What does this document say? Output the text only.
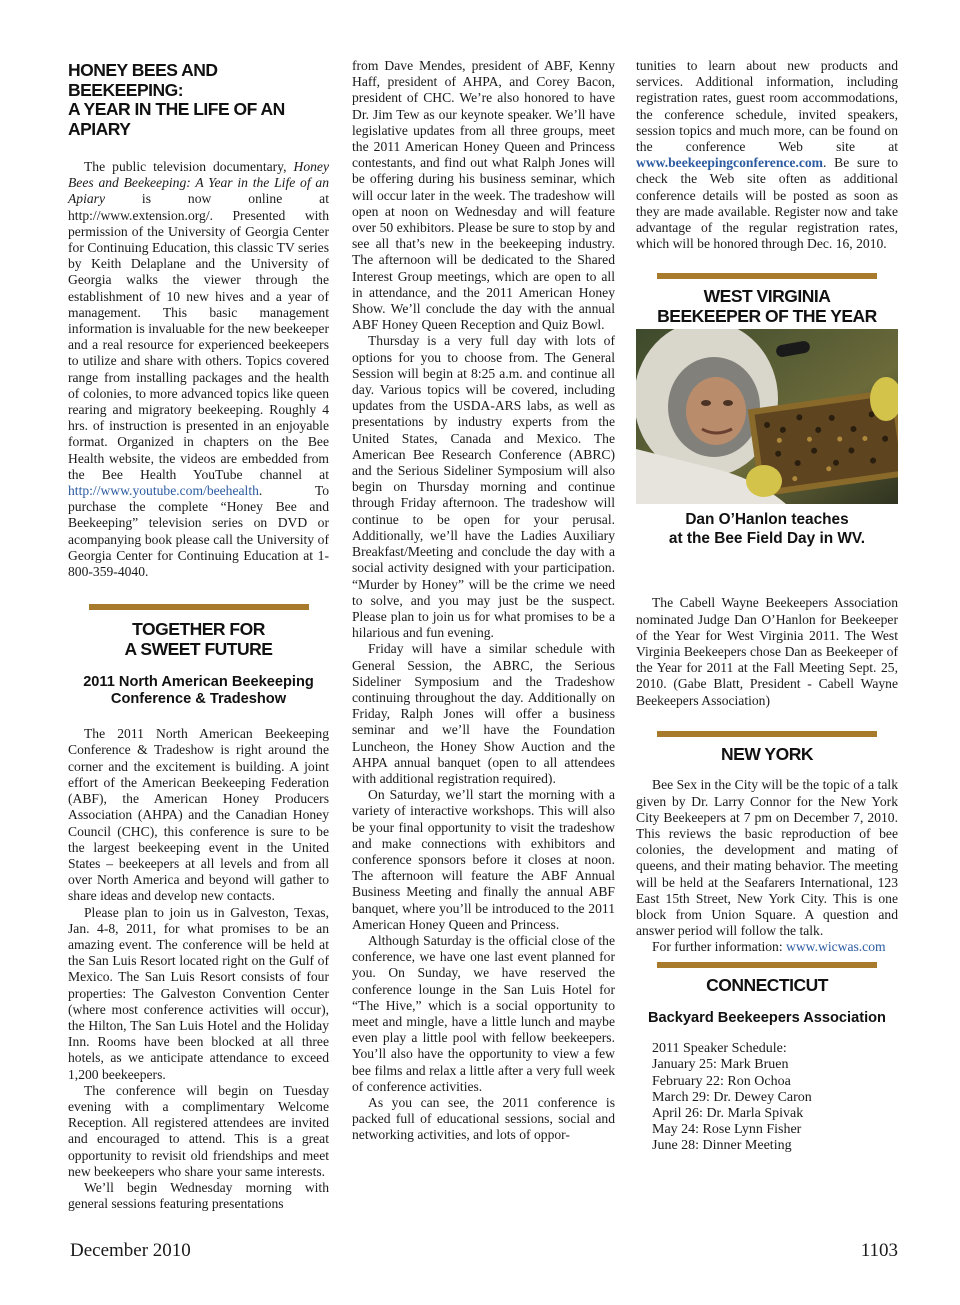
HONEY BEES AND BEEKEEPING:
A YEAR IN THE LIFE OF AN APIARY

The public television documentary, Honey Bees and Beekeeping: A Year in the Life of an Apiary is now online at http://www.extension.org/. Presented with permission of the University of Georgia Center for Continuing Education, this classic TV series by Keith Delaplane and the University of Georgia walks the viewer through the establishment of 10 new hives and a year of management. This basic management information is invaluable for the new beekeeper and a real resource for experienced beekeepers to utilize and share with others. Topics covered range from installing packages and the health of colonies, to more advanced topics like queen rearing and migratory beekeeping. Roughly 4 hrs. of instruction is presented in an enjoyable format. Organized in chapters on the Bee Health website, the videos are embedded from the Bee Health YouTube channel at http://www.youtube.com/beehealth. To purchase the complete “Honey Bee and Beekeeping” television series on DVD or acompanying book please call the University of Georgia Center for Continuing Education at 1-800-359-4040.

TOGETHER FOR
A SWEET FUTURE
2011 North American Beekeeping
Conference & Tradeshow

The 2011 North American Beekeeping Conference & Tradeshow is right around the corner and the excitement is building. A joint effort of the American Beekeeping Federation (ABF), the American Honey Producers Association (AHPA) and the Canadian Honey Council (CHC), this conference is sure to be the largest beekeeping event in the United States – beekeepers at all levels and from all over North America and beyond will gather to share ideas and develop new contacts.

Please plan to join us in Galveston, Texas, Jan. 4-8, 2011, for what promises to be an amazing event. The conference will be held at the San Luis Resort located right on the Gulf of Mexico. The San Luis Resort consists of four properties: The Galveston Convention Center (where most conference activities will occur), the Hilton, The San Luis Hotel and the Holiday Inn. Rooms have been blocked at all three hotels, as we anticipate attendance to exceed 1,200 beekeepers.

The conference will begin on Tuesday evening with a complimentary Welcome Reception. All registered attendees are invited and encouraged to attend. This is a great opportunity to revisit old friendships and meet new beekeepers who share your same interests.

We’ll begin Wednesday morning with general sessions featuring presentations

from Dave Mendes, president of ABF, Kenny Haff, president of AHPA, and Corey Bacon, president of CHC. We’re also honored to have Dr. Jim Tew as our keynote speaker. We’ll have legislative updates from all three groups, meet the 2011 American Honey Queen and Princess contestants, and find out what Ralph Jones will be offering during his business seminar, which will occur later in the week. The tradeshow will open at noon on Wednesday and will feature over 50 exhibitors. Please be sure to stop by and see all that’s new in the beekeeping industry. The afternoon will be dedicated to the Shared Interest Group meetings, which are open to all in attendance, and the 2011 American Honey Show. We’ll conclude the day with the annual ABF Honey Queen Reception and Quiz Bowl.

Thursday is a very full day with lots of options for you to choose from. The General Session will begin at 8:25 a.m. and continue all day. Various topics will be covered, including updates from the USDA-ARS labs, as well as presentations by industry experts from the United States, Canada and Mexico. The American Bee Research Conference (ABRC) and the Serious Sideliner Symposium will also begin on Thursday morning and continue through Friday afternoon. The tradeshow will continue to be open for your perusal. Additionally, we’ll have the Ladies Auxiliary Breakfast/Meeting and conclude the day with a social activity designed with your participation. “Murder by Honey” will be the crime we need to solve, and you may just be the suspect. Please plan to join us for what promises to be a hilarious and fun evening.

Friday will have a similar schedule with General Session, the ABRC, the Serious Sideliner Symposium and the Tradeshow continuing throughout the day. Additionally on Friday, Ralph Jones will offer a business seminar and we’ll have the Foundation Luncheon, the Honey Show Auction and the AHPA annual banquet (open to all attendees with additional registration required).

On Saturday, we’ll start the morning with a variety of interactive workshops. This will also be your final opportunity to visit the tradeshow and make connections with exhibitors and conference sponsors before it closes at noon. The afternoon will feature the ABF Annual Business Meeting and finally the annual ABF banquet, where you’ll be introduced to the 2011 American Honey Queen and Princess.

Although Saturday is the official close of the conference, we have one last event planned for you. On Sunday, we have reserved the conference lounge in the San Luis Hotel for “The Hive,” which is a social opportunity to meet and mingle, have a little lunch and maybe even play a little pool with fellow beekeepers. You’ll also have the opportunity to view a few bee films and relax a little after a very full week of conference activities.

As you can see, the 2011 conference is packed full of educational sessions, social and networking activities, and lots of oppor-

tunities to learn about new products and services. Additional information, including registration rates, guest room accommodations, the conference schedule, invited speakers, session topics and much more, can be found on the conference Web site at www.beekeepingconference.com. Be sure to check the Web site often as additional conference details will be posted as soon as they are made available. Register now and take advantage of the regular registration rates, which will be honored through Dec. 16, 2010.

WEST VIRGINIA
BEEKEEPER OF THE YEAR

Dan O’Hanlon teaches
at the Bee Field Day in WV.

The Cabell Wayne Beekeepers Association nominated Judge Dan O’Hanlon for Beekeeper of the Year for West Virginia 2011. The West Virginia Beekeepers chose Dan as Beekeeper of the Year for 2011 at the Fall Meeting Sept. 25, 2010. (Gabe Blatt, President - Cabell Wayne Beekeepers Association)

NEW YORK

Bee Sex in the City will be the topic of a talk given by Dr. Larry Connor for the New York City Beekeepers at 7 pm on December 7, 2010. This reviews the basic reproduction of bee colonies, the development and mating of queens, and their mating behavior. The meeting will be held at the Seafarers International, 123 East 15th Street, New York City. This is one block from Union Square. A question and answer period will follow the talk.

For further information: www.wicwas.com

CONNECTICUT
Backyard Beekeepers Association
2011 Speaker Schedule:
January 25: Mark Bruen
February 22: Ron Ochoa
March 29: Dr. Dewey Caron
April 26: Dr. Marla Spivak
May 24: Rose Lynn Fisher
June 28: Dinner Meeting
December 2010	1103
